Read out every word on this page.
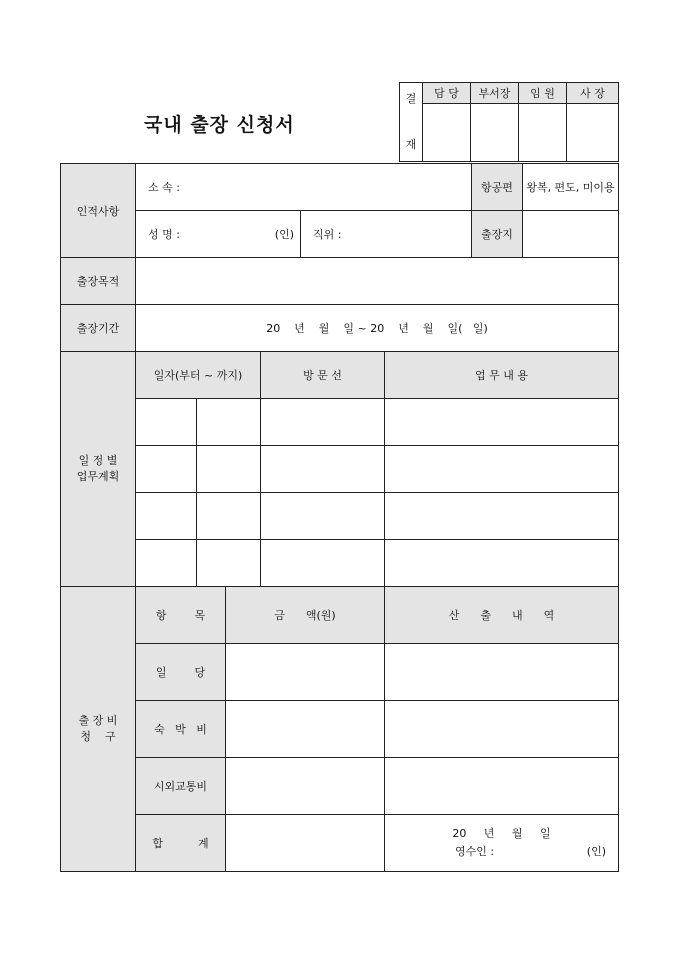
국내 출장 신청서
결
재	담 당	부서장	임 원	사 장

인적사항	소 속 :		항공편	왕복, 편도, 미이용
	성 명 : (인)	직위 :	출장지	
출장목적				
출장기간	20    년    월    일 ~ 20    년    월    일(   일)			
일 정 별
업무계획	일자(부터 ~ 까지)		방 문 선	업 무 내 용

출 장 비
청    구	항        목	금      액(원)	산      출      내      역
	일        당		
	숙   박   비		
	시외교통비		
	합          계		20     년     월     일
영수인 : (인)
